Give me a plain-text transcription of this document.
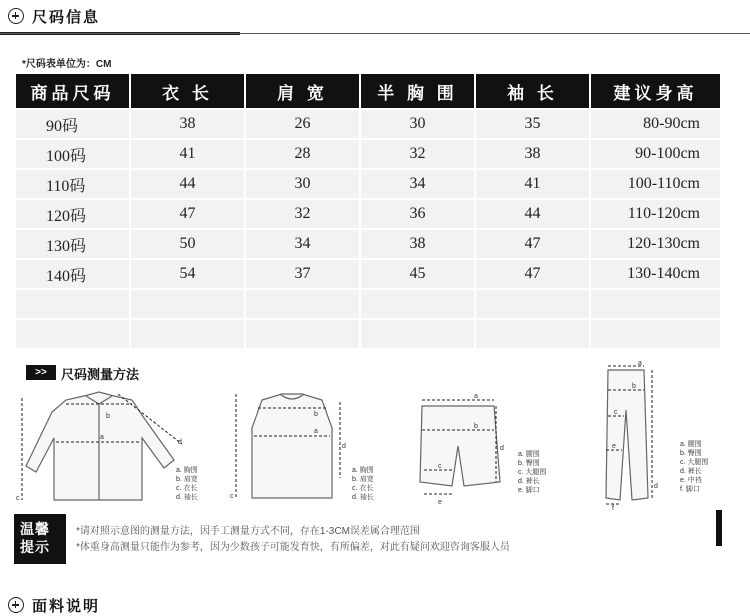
尺码信息
*尺码表单位为：CM
商品尺码	衣 长	肩 宽	半 胸 围	袖 长	建议身高
90码	38	26	30	35	80-90cm
100码	41	28	32	38	90-100cm
110码	44	30	34	41	100-110cm
120码	47	32	36	44	110-120cm
130码	50	34	38	47	120-130cm
140码	54	37	45	47	130-140cm

>>	尺码测量方法
a
b
c
d
a. 胸围
b. 肩宽
c. 衣长
d. 袖长
a
b
c
d
a. 胸围
b. 肩宽
c. 衣长
d. 袖长
a
b
c
d
e
a. 腰围
b. 臀围
c. 大腿围
d. 裤长
e. 脚口
a
b
c
d
e
f
a. 腰围
b. 臀围
c. 大腿围
d. 裤长
e. 中裆
f. 脚口
温馨
提示
*请对照示意图的测量方法，因手工测量方式不同，存在1-3CM误差属合理范围
*体重身高测量只能作为参考，因为少数孩子可能发育快，有所偏差，对此有疑问欢迎咨询客服人员
面料说明
